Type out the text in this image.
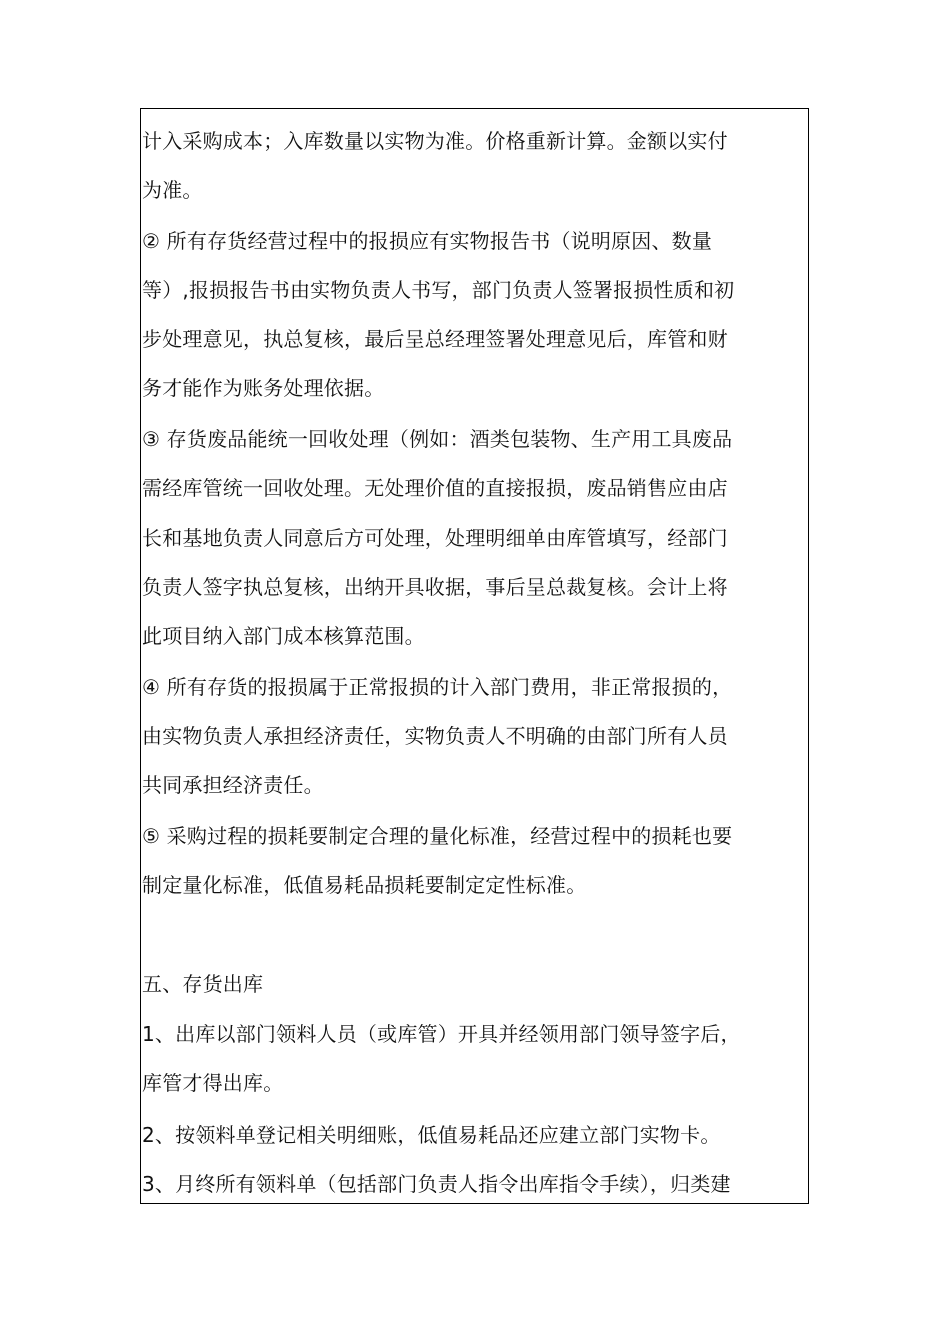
计入采购成本；入库数量以实物为准。价格重新计算。金额以实付
为准。
② 所有存货经营过程中的报损应有实物报告书（说明原因、数量
等）,报损报告书由实物负责人书写，部门负责人签署报损性质和初
步处理意见，执总复核，最后呈总经理签署处理意见后，库管和财
务才能作为账务处理依据。
③ 存货废品能统一回收处理（例如：酒类包装物、生产用工具废品
需经库管统一回收处理。无处理价值的直接报损，废品销售应由店
长和基地负责人同意后方可处理，处理明细单由库管填写，经部门
负责人签字执总复核，出纳开具收据，事后呈总裁复核。会计上将
此项目纳入部门成本核算范围。
④ 所有存货的报损属于正常报损的计入部门费用，非正常报损的，
由实物负责人承担经济责任，实物负责人不明确的由部门所有人员
共同承担经济责任。
⑤ 采购过程的损耗要制定合理的量化标准，经营过程中的损耗也要
制定量化标准，低值易耗品损耗要制定定性标准。
五、存货出库
1、出库以部门领料人员（或库管）开具并经领用部门领导签字后，
库管才得出库。
2、按领料单登记相关明细账，低值易耗品还应建立部门实物卡。
3、月终所有领料单（包括部门负责人指令出库指令手续），归类建
